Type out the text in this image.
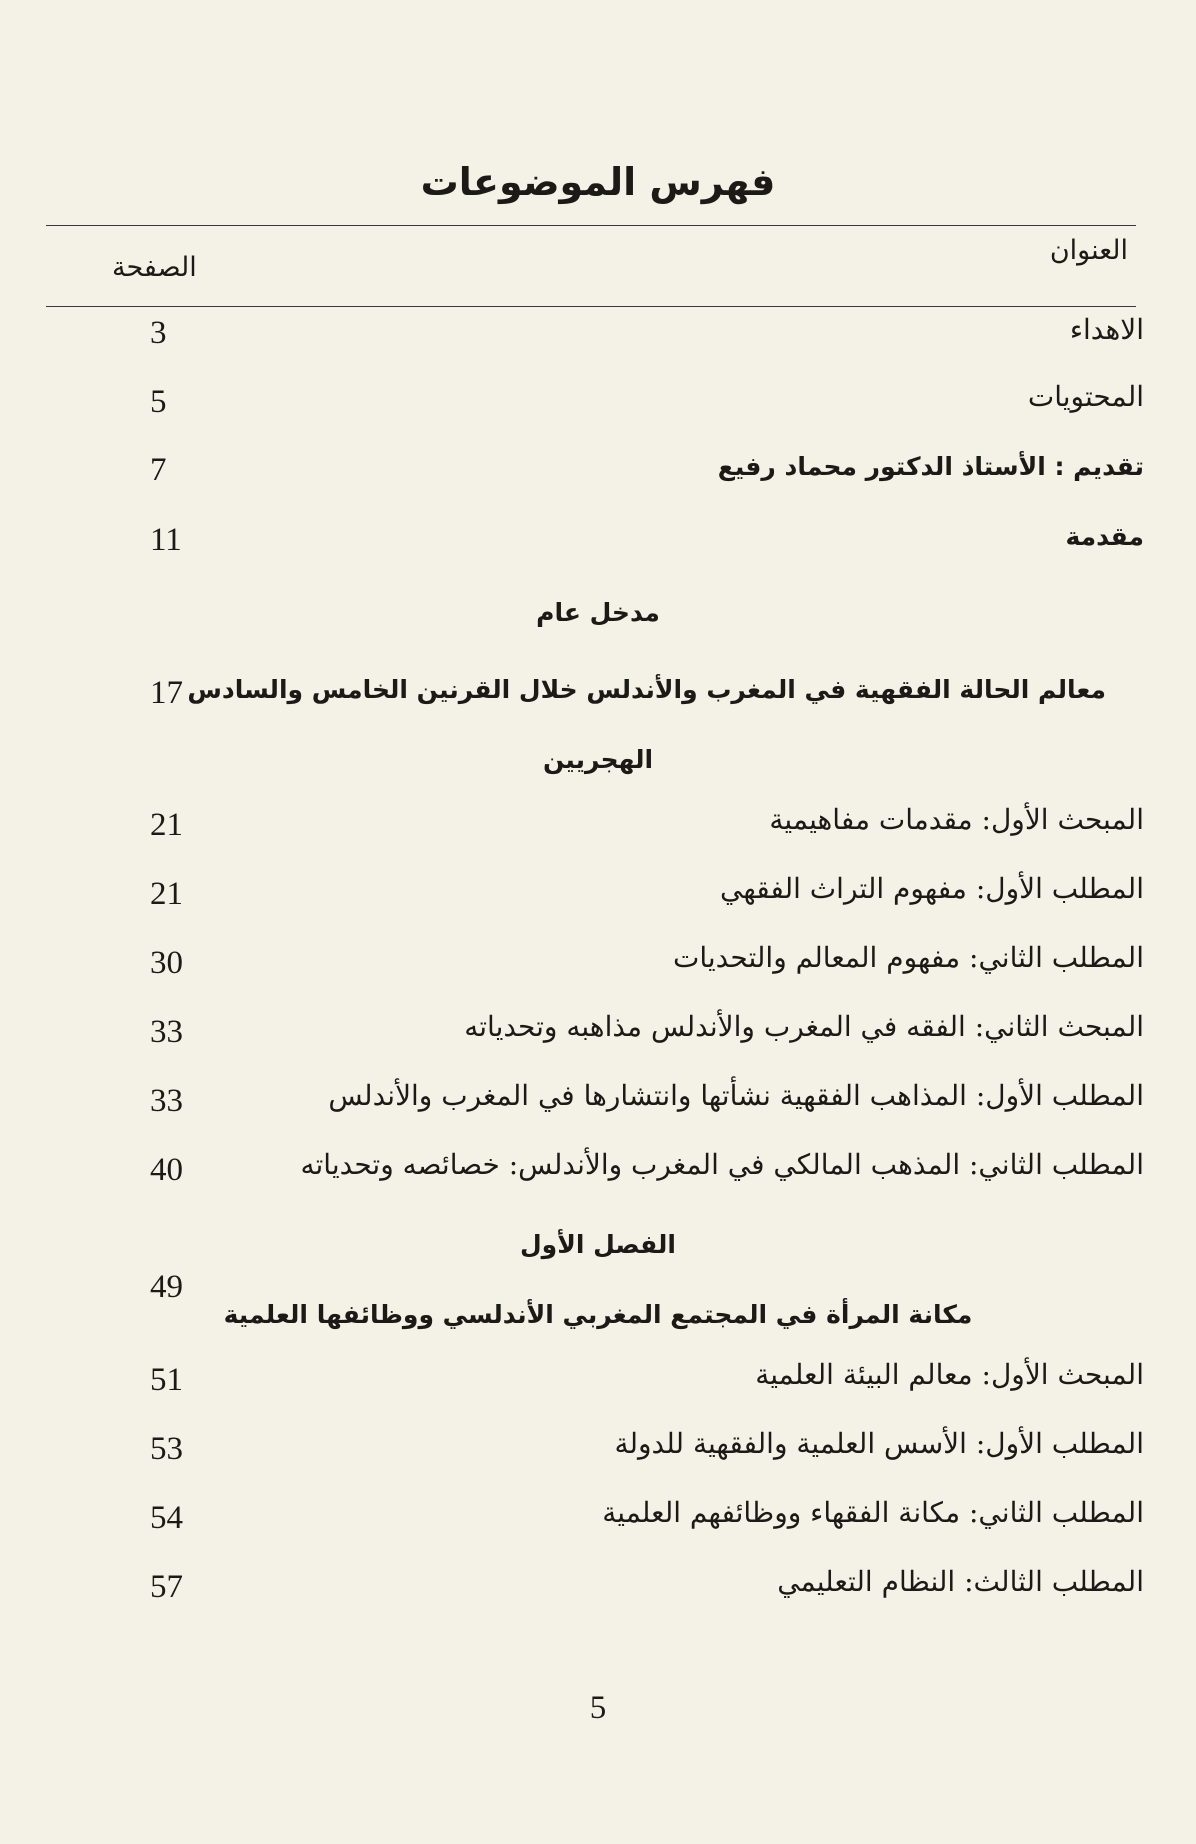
فهرس الموضوعات
العنوان
الصفحة
الاهداء
3
المحتويات
5
تقديم : الأستاذ الدكتور محماد رفيع
7
مقدمة
11
مدخل عام
معالم الحالة الفقهية في المغرب والأندلس خلال القرنين الخامس والسادس
17
الهجريين
المبحث الأول: مقدمات مفاهيمية
21
المطلب الأول: مفهوم التراث الفقهي
21
المطلب الثاني: مفهوم المعالم والتحديات
30
المبحث الثاني: الفقه في المغرب والأندلس مذاهبه وتحدياته
33
المطلب الأول: المذاهب الفقهية نشأتها وانتشارها في المغرب والأندلس
33
المطلب الثاني: المذهب المالكي في المغرب والأندلس: خصائصه وتحدياته
40
الفصل الأول
49
مكانة المرأة في المجتمع المغربي الأندلسي ووظائفها العلمية
المبحث الأول: معالم البيئة العلمية
51
المطلب الأول: الأسس العلمية والفقهية للدولة
53
المطلب الثاني: مكانة الفقهاء ووظائفهم العلمية
54
المطلب الثالث: النظام التعليمي
57
5
